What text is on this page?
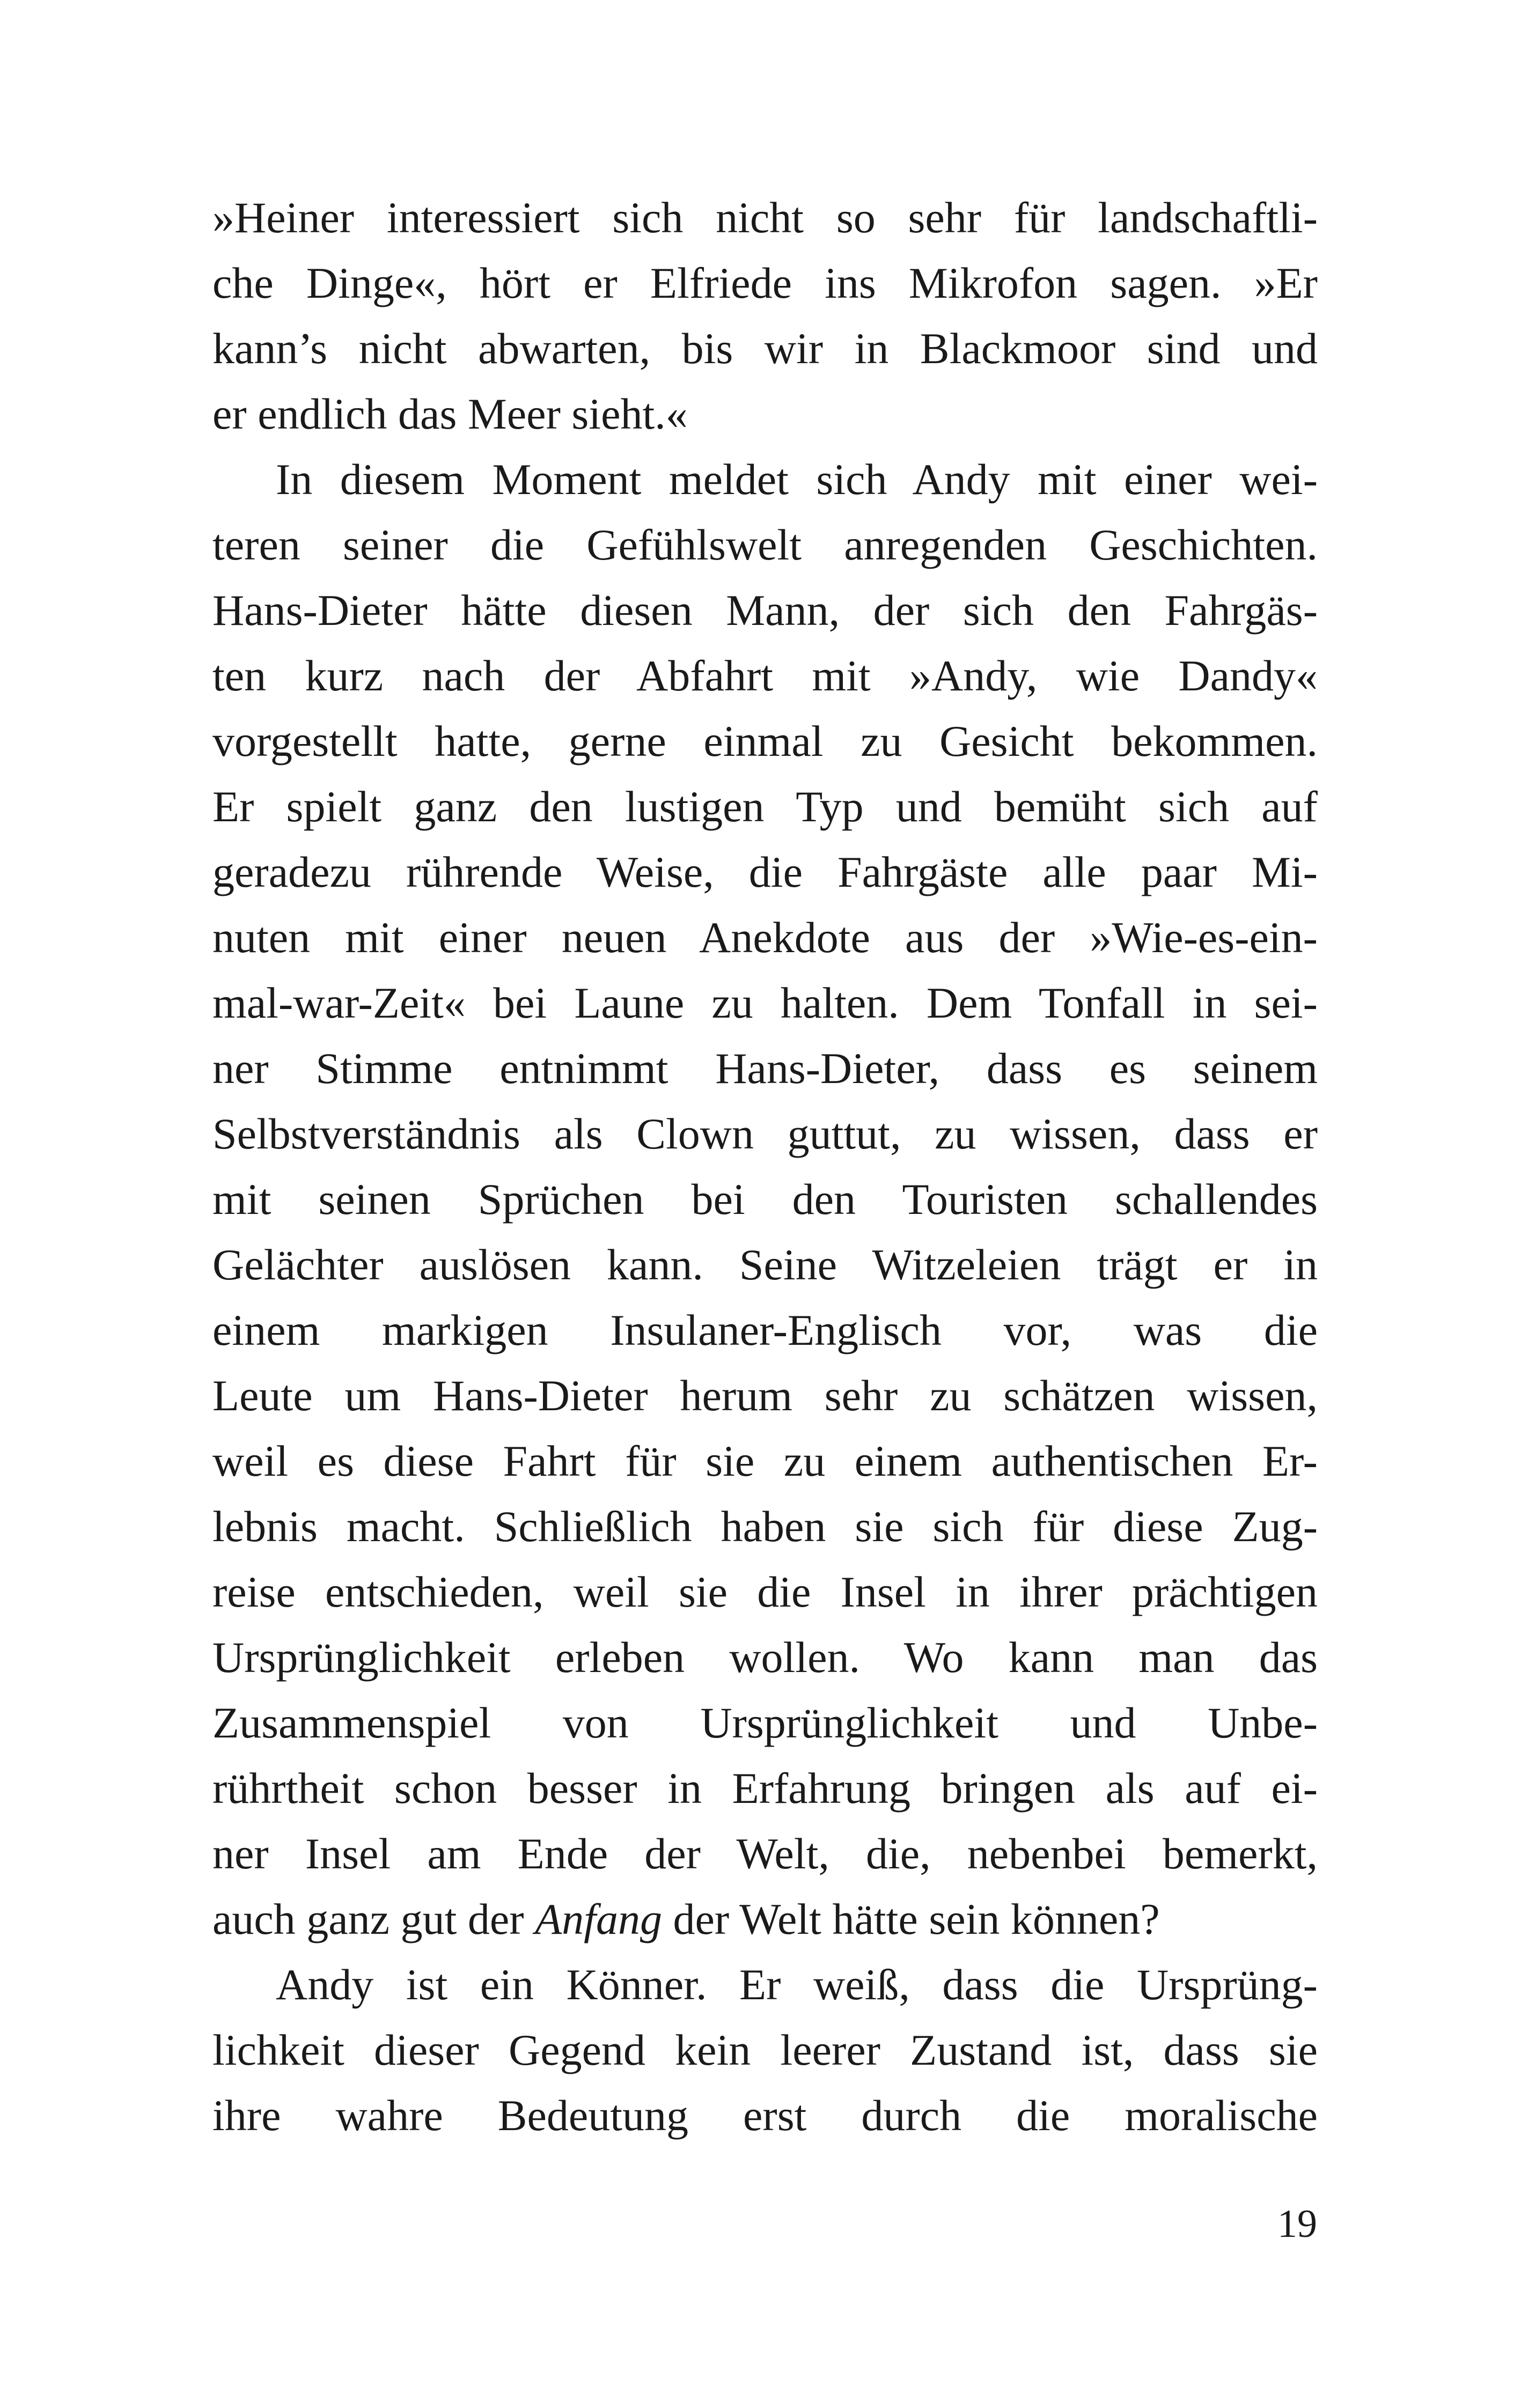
»Heiner interessiert sich nicht so sehr für landschaftli-
che Dinge«, hört er Elfriede ins Mikrofon sagen. »Er
kann’s nicht abwarten, bis wir in Blackmoor sind und
er endlich das Meer sieht.«
In diesem Moment meldet sich Andy mit einer wei-
teren seiner die Gefühlswelt anregenden Geschichten.
Hans-Dieter hätte diesen Mann, der sich den Fahrgäs-
ten kurz nach der Abfahrt mit »Andy, wie Dandy«
vorgestellt hatte, gerne einmal zu Gesicht bekommen.
Er spielt ganz den lustigen Typ und bemüht sich auf
geradezu rührende Weise, die Fahrgäste alle paar Mi-
nuten mit einer neuen Anekdote aus der »Wie-es-ein-
mal-war-Zeit« bei Laune zu halten. Dem Tonfall in sei-
ner Stimme entnimmt Hans-Dieter, dass es seinem
Selbstverständnis als Clown guttut, zu wissen, dass er
mit seinen Sprüchen bei den Touristen schallendes
Gelächter auslösen kann. Seine Witzeleien trägt er in
einem markigen Insulaner-Englisch vor, was die
Leute um Hans-Dieter herum sehr zu schätzen wissen,
weil es diese Fahrt für sie zu einem authentischen Er-
lebnis macht. Schließlich haben sie sich für diese Zug-
reise entschieden, weil sie die Insel in ihrer prächtigen
Ursprünglichkeit erleben wollen. Wo kann man das
Zusammenspiel von Ursprünglichkeit und Unbe-
rührtheit schon besser in Erfahrung bringen als auf ei-
ner Insel am Ende der Welt, die, nebenbei bemerkt,
auch ganz gut der Anfang der Welt hätte sein können?
Andy ist ein Könner. Er weiß, dass die Ursprüng-
lichkeit dieser Gegend kein leerer Zustand ist, dass sie
ihre wahre Bedeutung erst durch die moralische
19
